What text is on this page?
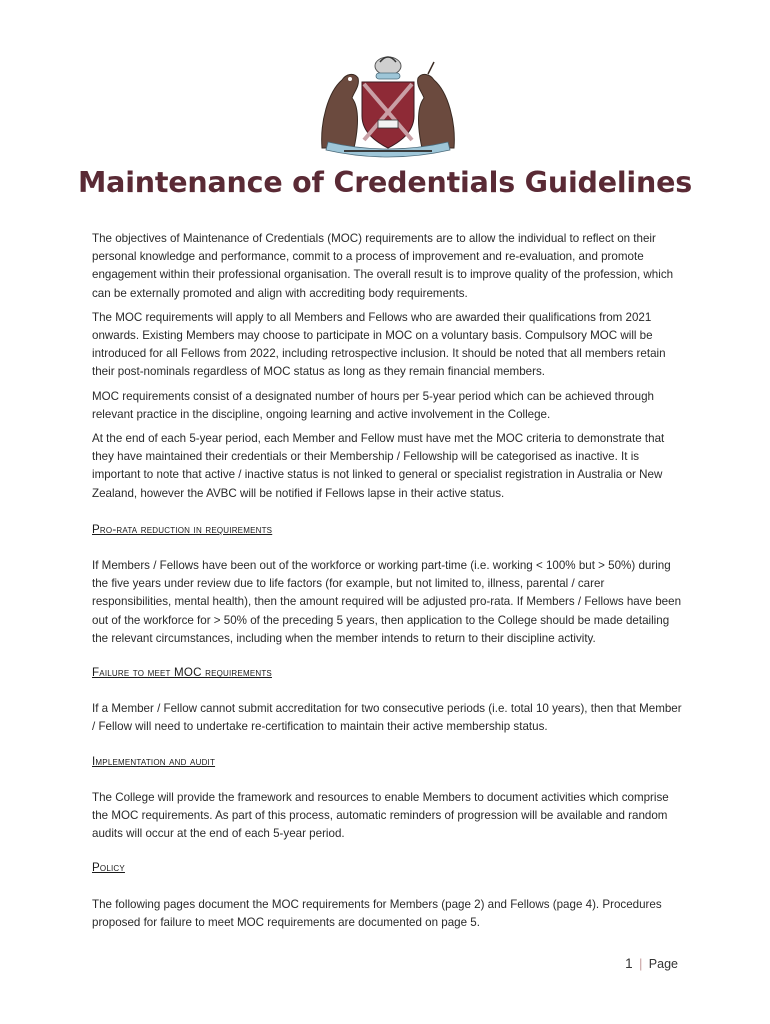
Maintenance of Credentials Guidelines

The objectives of Maintenance of Credentials (MOC) requirements are to allow the individual to reflect on their personal knowledge and performance, commit to a process of improvement and re-evaluation, and promote engagement within their professional organisation. The overall result is to improve quality of the profession, which can be externally promoted and align with accrediting body requirements.

The MOC requirements will apply to all Members and Fellows who are awarded their qualifications from 2021 onwards. Existing Members may choose to participate in MOC on a voluntary basis. Compulsory MOC will be introduced for all Fellows from 2022, including retrospective inclusion. It should be noted that all members retain their post-nominals regardless of MOC status as long as they remain financial members.

MOC requirements consist of a designated number of hours per 5-year period which can be achieved through relevant practice in the discipline, ongoing learning and active involvement in the College.

At the end of each 5-year period, each Member and Fellow must have met the MOC criteria to demonstrate that they have maintained their credentials or their Membership / Fellowship will be categorised as inactive. It is important to note that active / inactive status is not linked to general or specialist registration in Australia or New Zealand, however the AVBC will be notified if Fellows lapse in their active status.

Pro-rata reduction in requirements

If Members / Fellows have been out of the workforce or working part-time (i.e. working < 100% but > 50%) during the five years under review due to life factors (for example, but not limited to, illness, parental / carer responsibilities, mental health), then the amount required will be adjusted pro-rata. If Members / Fellows have been out of the workforce for > 50% of the preceding 5 years, then application to the College should be made detailing the relevant circumstances, including when the member intends to return to their discipline activity.

Failure to meet MOC requirements

If a Member / Fellow cannot submit accreditation for two consecutive periods (i.e. total 10 years), then that Member / Fellow will need to undertake re-certification to maintain their active membership status.

Implementation and audit

The College will provide the framework and resources to enable Members to document activities which comprise the MOC requirements. As part of this process, automatic reminders of progression will be available and random audits will occur at the end of each 5-year period.

Policy

The following pages document the MOC requirements for Members (page 2) and Fellows (page 4). Procedures proposed for failure to meet MOC requirements are documented on page 5.

1 | Page
